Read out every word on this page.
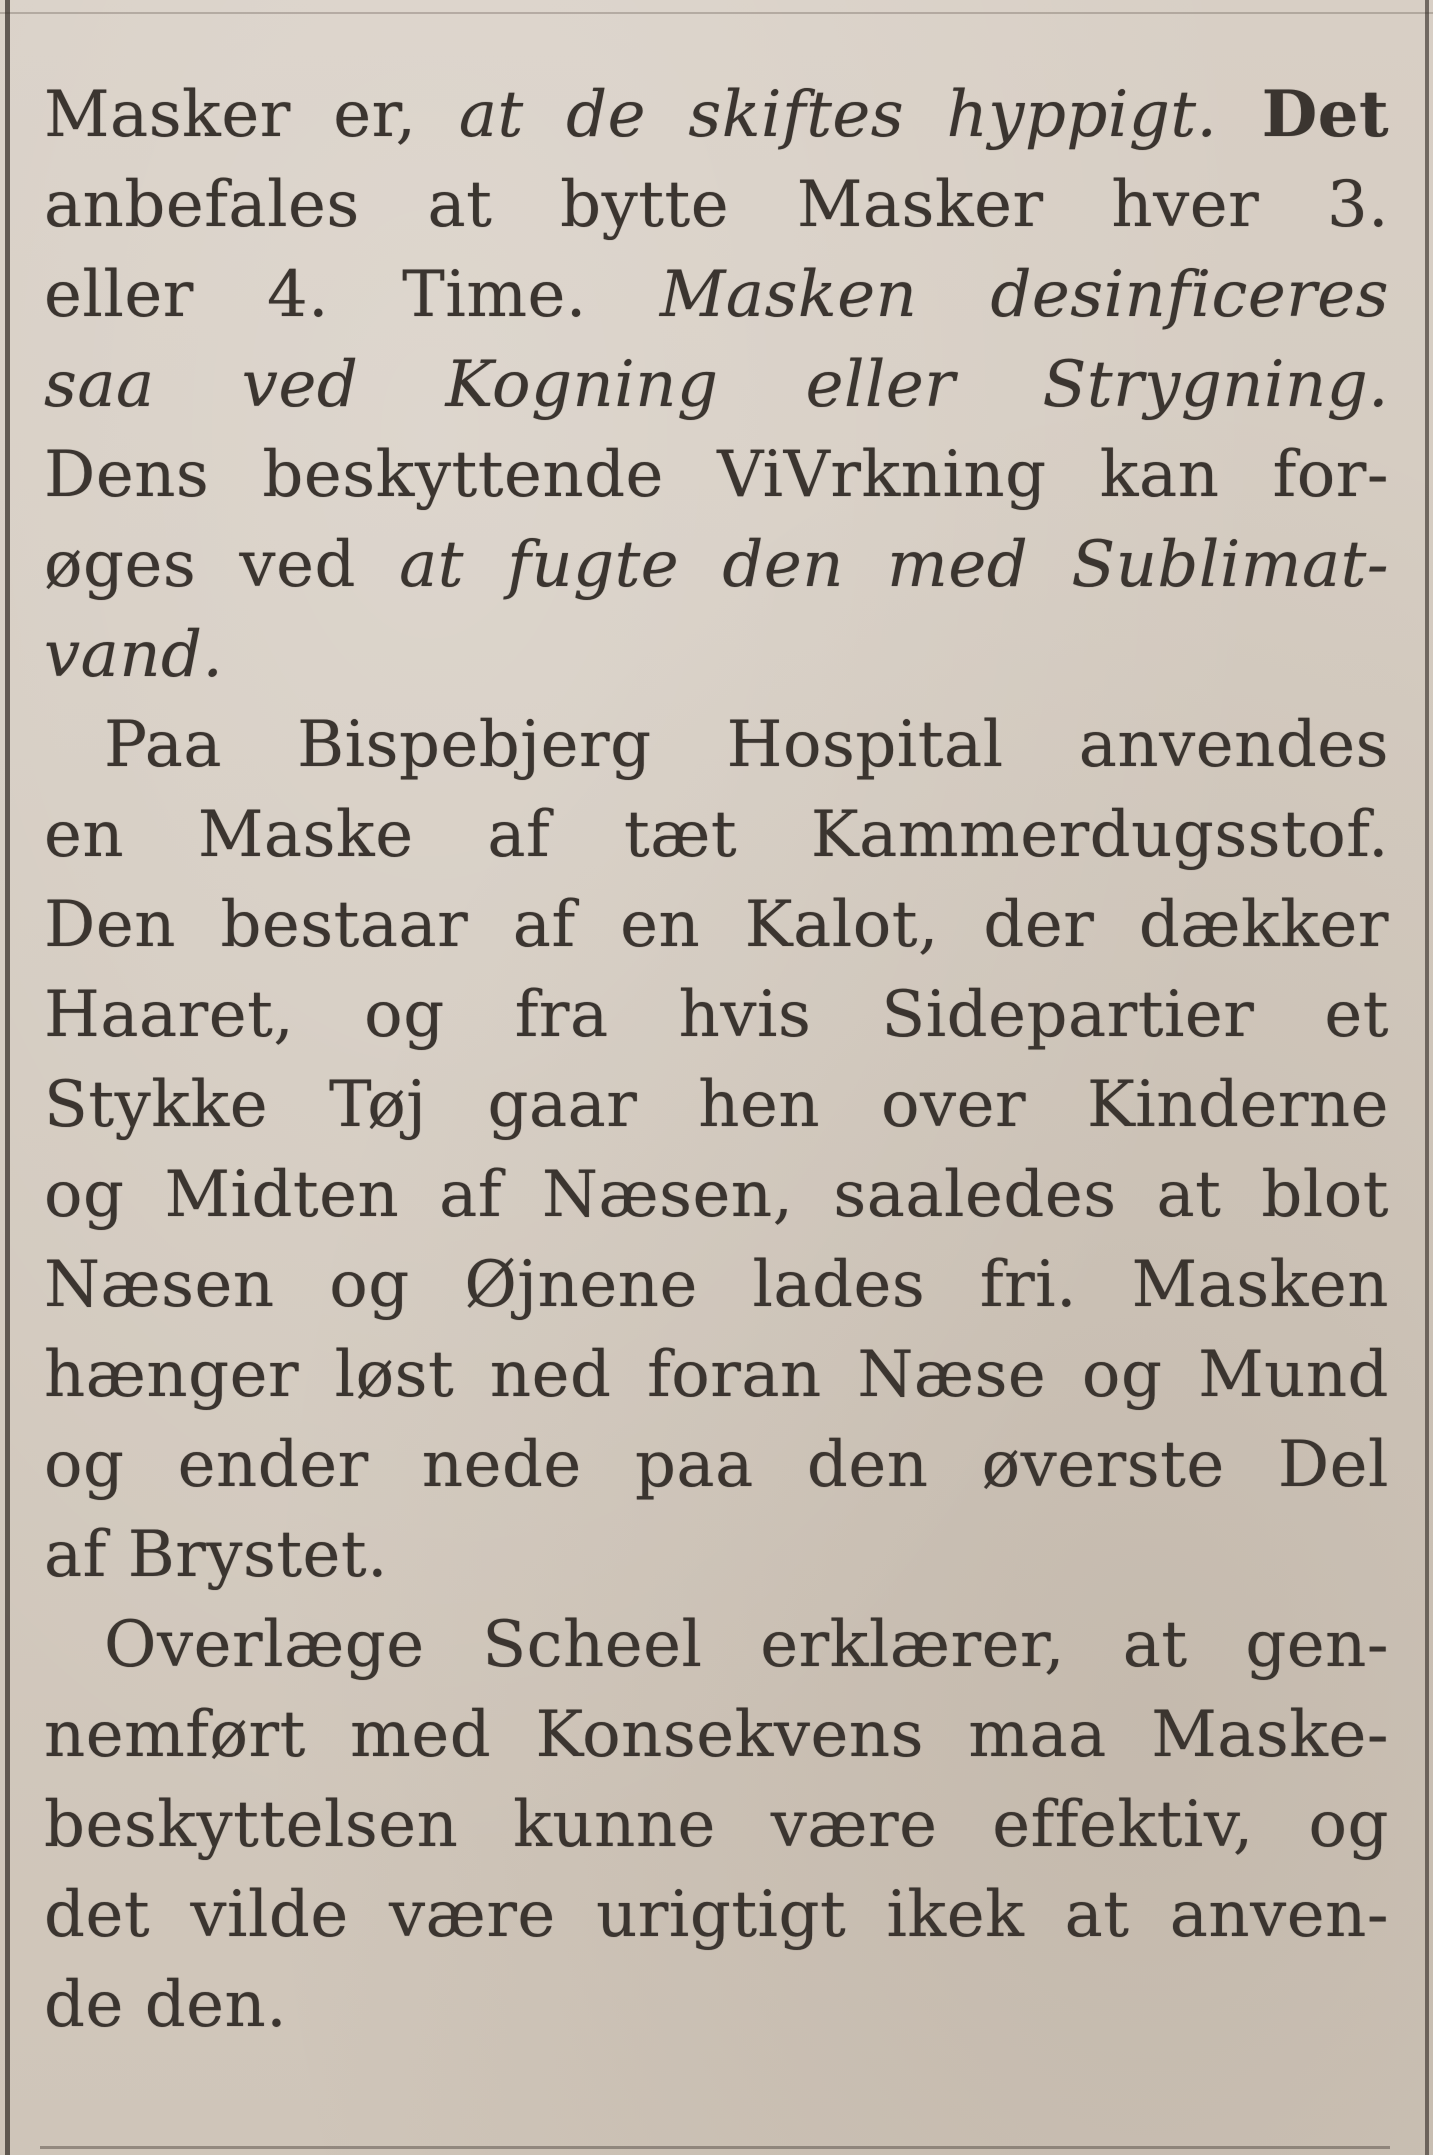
Masker er, at de skiftes hyppigt. Det

anbefales at bytte Masker hver 3.

eller 4. Time. Masken desinficeres

saa ved Kogning eller Strygning.

Dens beskyttende ViVrkning kan for-

øges ved at fugte den med Sublimat-

vand.

Paa Bispebjerg Hospital anvendes

en Maske af tæt Kammerdugsstof.

Den bestaar af en Kalot, der dækker

Haaret, og fra hvis Sidepartier et

Stykke Tøj gaar hen over Kinderne

og Midten af Næsen, saaledes at blot

Næsen og Øjnene lades fri. Masken

hænger løst ned foran Næse og Mund

og ender nede paa den øverste Del

af Brystet.

Overlæge Scheel erklærer, at gen-

nemført med Konsekvens maa Maske-

beskyttelsen kunne være effektiv, og

det vilde være urigtigt ikek at anven-

de den.
